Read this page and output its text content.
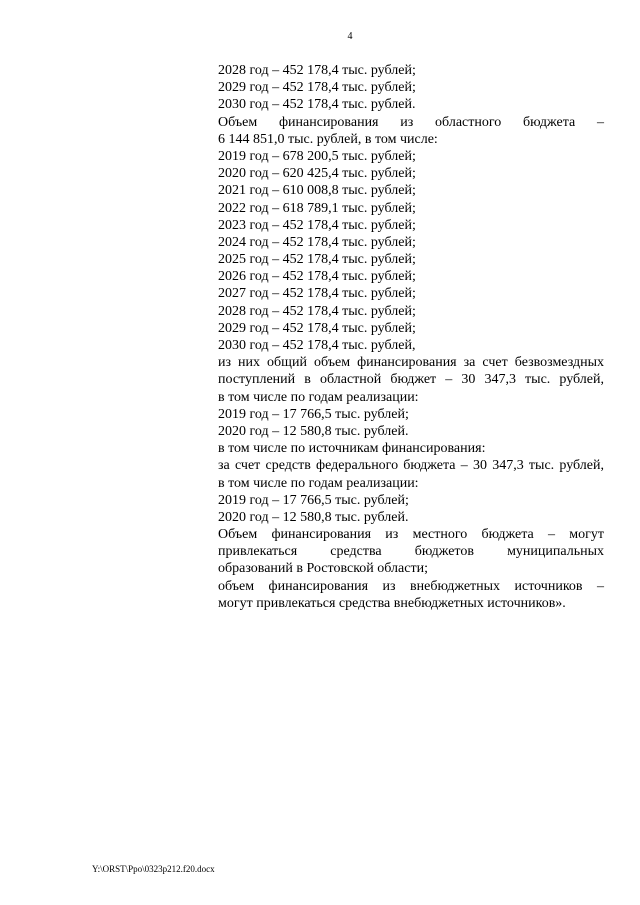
4
2028 год – 452 178,4 тыс. рублей;
2029 год – 452 178,4 тыс. рублей;
2030 год – 452 178,4 тыс. рублей.
Объем финансирования из областного бюджета –
6 144 851,0 тыс. рублей, в том числе:
2019 год – 678 200,5 тыс. рублей;
2020 год – 620 425,4 тыс. рублей;
2021 год – 610 008,8 тыс. рублей;
2022 год – 618 789,1 тыс. рублей;
2023 год – 452 178,4 тыс. рублей;
2024 год – 452 178,4 тыс. рублей;
2025 год – 452 178,4 тыс. рублей;
2026 год – 452 178,4 тыс. рублей;
2027 год – 452 178,4 тыс. рублей;
2028 год – 452 178,4 тыс. рублей;
2029 год – 452 178,4 тыс. рублей;
2030 год – 452 178,4 тыс. рублей,
из них общий объем финансирования за счет безвозмездных
поступлений в областной бюджет – 30 347,3 тыс. рублей,
в том числе по годам реализации:
2019 год – 17 766,5 тыс. рублей;
2020 год – 12 580,8 тыс. рублей.
в том числе по источникам финансирования:
за счет средств федерального бюджета – 30 347,3 тыс. рублей,
в том числе по годам реализации:
2019 год – 17 766,5 тыс. рублей;
2020 год – 12 580,8 тыс. рублей.
Объем финансирования из местного бюджета – могут
привлекаться средства бюджетов муниципальных
образований в Ростовской области;
объем финансирования из внебюджетных источников –
могут привлекаться средства внебюджетных источников».
Y:\ORST\Ppo\0323p212.f20.docx
